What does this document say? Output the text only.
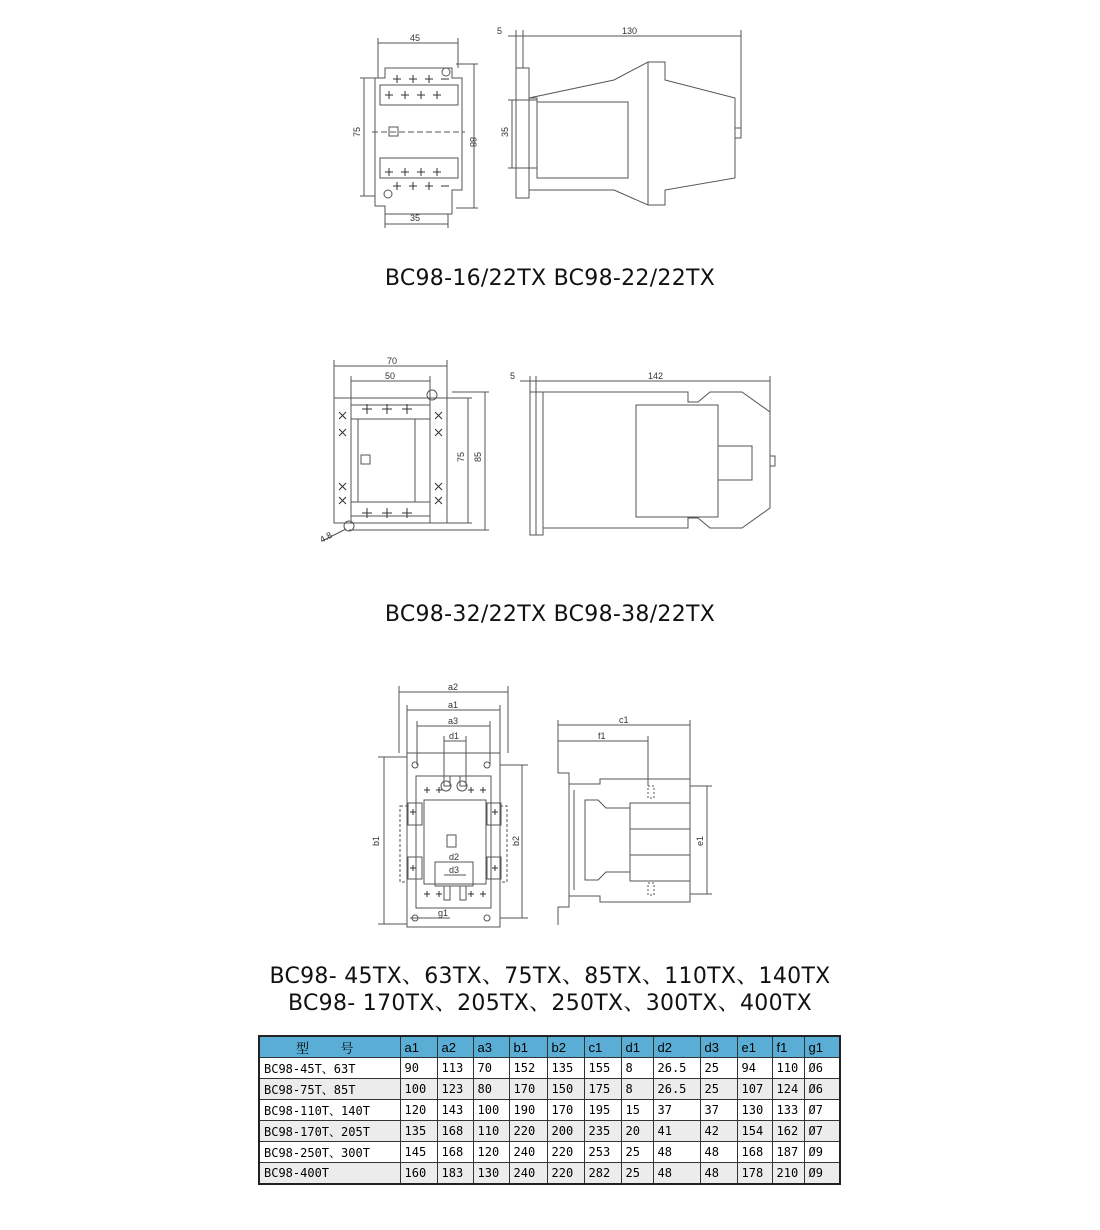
45
35
75
88
5	130
35
70
50
75 85
4.8
5	142
a2
a1
a3
d1
d2
d3
b1	b2
g1
c1
f1
e1
BC98-16/22TX BC98-22/22TX
BC98-32/22TX BC98-38/22TX
BC98- 45TX、63TX、75TX、85TX、110TX、140TX
BC98- 170TX、205TX、250TX、300TX、400TX
型 号	a1	a2	a3	b1	b2	c1	d1	d2	d3	e1	f1	g1
BC98-45T、63T	90	113	70	152	135	155	8	26.5	25	94	110	Ø6
BC98-75T、85T	100	123	80	170	150	175	8	26.5	25	107	124	Ø6
BC98-110T、140T	120	143	100	190	170	195	15	37	37	130	133	Ø7
BC98-170T、205T	135	168	110	220	200	235	20	41	42	154	162	Ø7
BC98-250T、300T	145	168	120	240	220	253	25	48	48	168	187	Ø9
BC98-400T	160	183	130	240	220	282	25	48	48	178	210	Ø9
